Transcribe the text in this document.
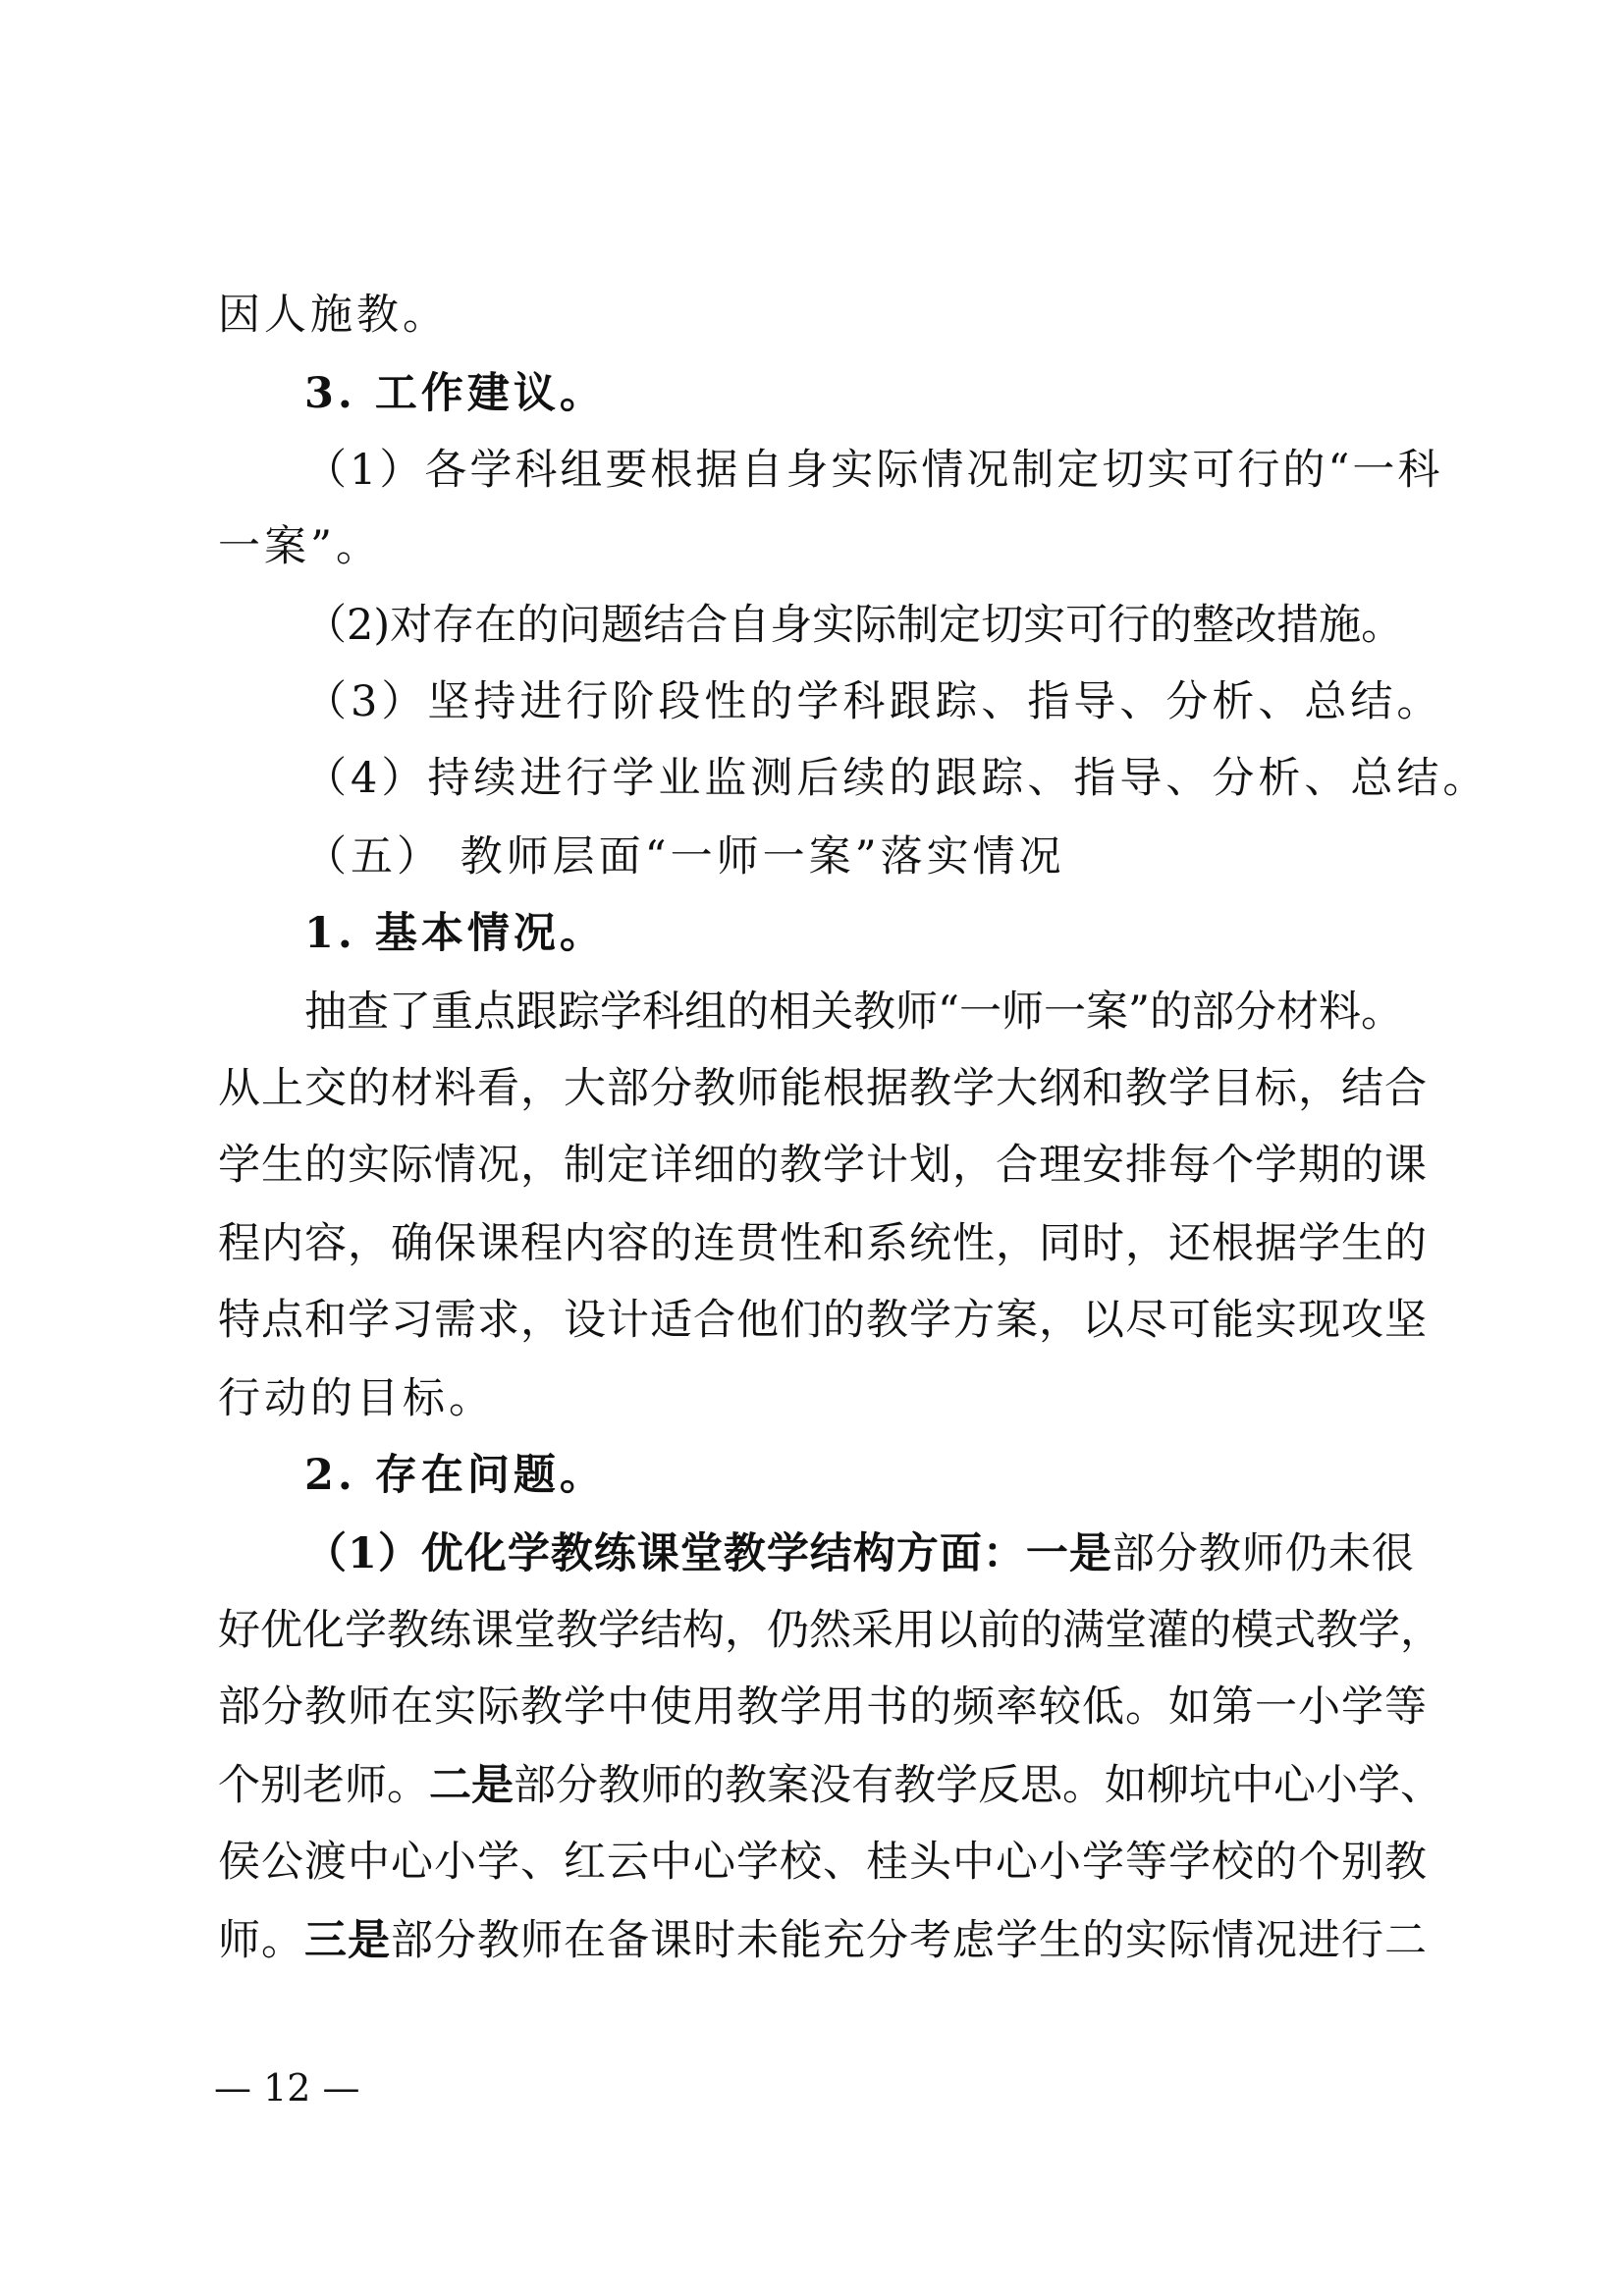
因人施教。
3. 工作建议。
（1）各学科组要根据自身实际情况制定切实可行的“一科
一案”。
（2)对存在的问题结合自身实际制定切实可行的整改措施。
（3）坚持进行阶段性的学科跟踪、指导、分析、总结。
（4）持续进行学业监测后续的跟踪、指导、分析、总结。
（五） 教师层面“一师一案”落实情况
1. 基本情况。
抽查了重点跟踪学科组的相关教师“一师一案”的部分材料。
从上交的材料看，大部分教师能根据教学大纲和教学目标，结合
学生的实际情况，制定详细的教学计划，合理安排每个学期的课
程内容，确保课程内容的连贯性和系统性，同时，还根据学生的
特点和学习需求，设计适合他们的教学方案，以尽可能实现攻坚
行动的目标。
2. 存在问题。
（1）优化学教练课堂教学结构方面：一是部分教师仍未很
好优化学教练课堂教学结构，仍然采用以前的满堂灌的模式教学，
部分教师在实际教学中使用教学用书的频率较低。如第一小学等
个别老师。二是部分教师的教案没有教学反思。如柳坑中心小学、
侯公渡中心小学、红云中心学校、桂头中心小学等学校的个别教
师。三是部分教师在备课时未能充分考虑学生的实际情况进行二
— 12 —
